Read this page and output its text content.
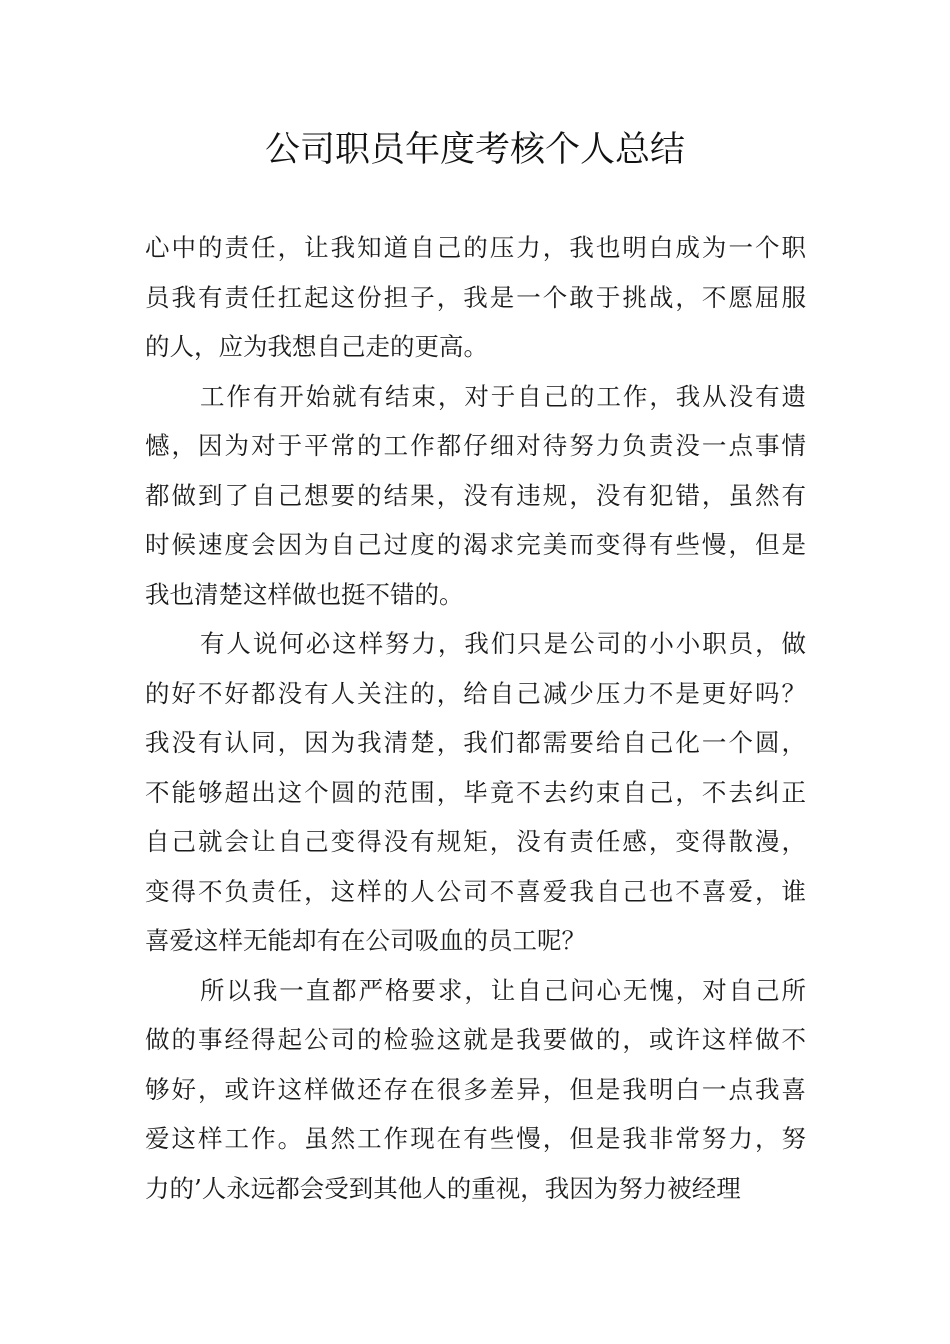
公司职员年度考核个人总结
心中的责任，让我知道自己的压力，我也明白成为一个职
员我有责任扛起这份担子，我是一个敢于挑战，不愿屈服
的人，应为我想自己走的更高。
工作有开始就有结束，对于自己的工作，我从没有遗
憾，因为对于平常的工作都仔细对待努力负责没一点事情
都做到了自己想要的结果，没有违规，没有犯错，虽然有
时候速度会因为自己过度的渴求完美而变得有些慢，但是
我也清楚这样做也挺不错的。
有人说何必这样努力，我们只是公司的小小职员，做
的好不好都没有人关注的，给自己减少压力不是更好吗？
我没有认同，因为我清楚，我们都需要给自己化一个圆，
不能够超出这个圆的范围，毕竟不去约束自己，不去纠正
自己就会让自己变得没有规矩，没有责任感，变得散漫，
变得不负责任，这样的人公司不喜爱我自己也不喜爱，谁
喜爱这样无能却有在公司吸血的员工呢？
所以我一直都严格要求，让自己问心无愧，对自己所
做的事经得起公司的检验这就是我要做的，或许这样做不
够好，或许这样做还存在很多差异，但是我明白一点我喜
爱这样工作。虽然工作现在有些慢，但是我非常努力，努
力的’人永远都会受到其他人的重视，我因为努力被经理
